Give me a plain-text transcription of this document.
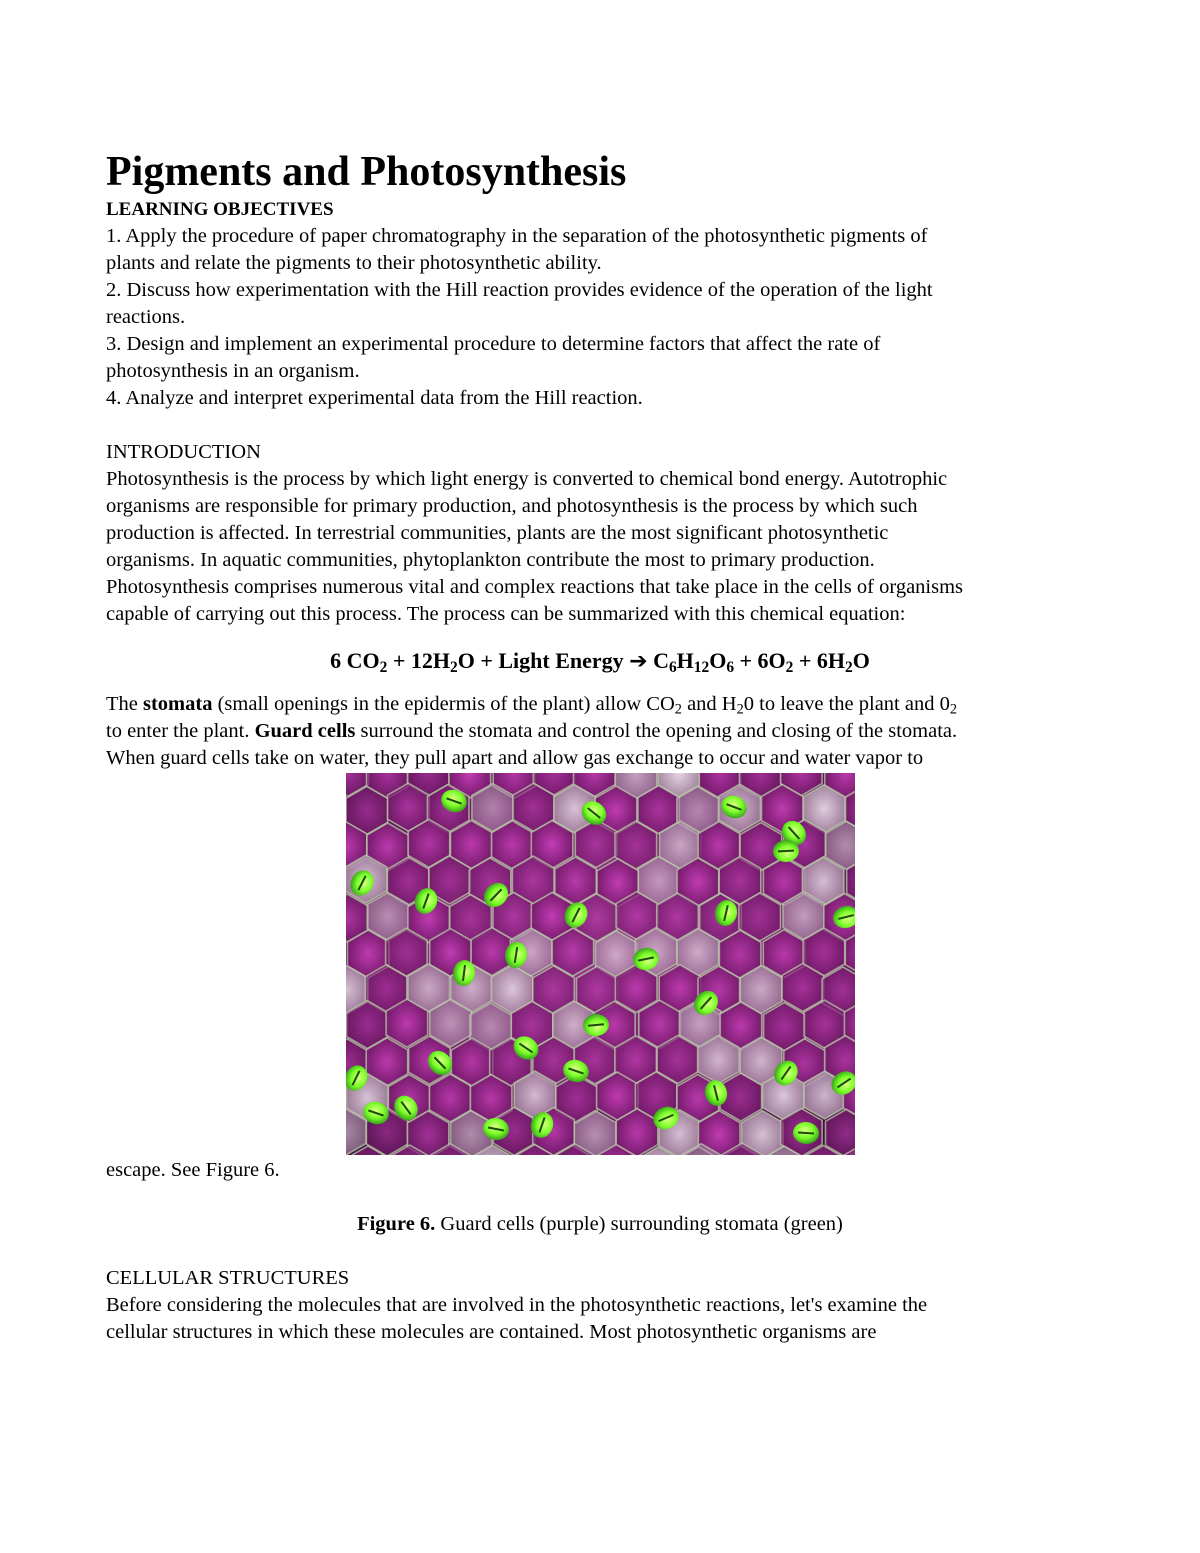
Pigments and Photosynthesis

LEARNING OBJECTIVES

1. Apply the procedure of paper chromatography in the separation of the photosynthetic pigments of

plants and relate the pigments to their photosynthetic ability.

2. Discuss how experimentation with the Hill reaction provides evidence of the operation of the light

reactions.

3. Design and implement an experimental procedure to determine factors that affect the rate of

photosynthesis in an organism.

4. Analyze and interpret experimental data from the Hill reaction.

INTRODUCTION

Photosynthesis is the process by which light energy is converted to chemical bond energy. Autotrophic

organisms are responsible for primary production, and photosynthesis is the process by which such

production is affected. In terrestrial communities, plants are the most significant photosynthetic

organisms. In aquatic communities, phytoplankton contribute the most to primary production.

Photosynthesis comprises numerous vital and complex reactions that take place in the cells of organisms

capable of carrying out this process. The process can be summarized with this chemical equation:

6 $CO_2 + 12H_2O$ + Light Energy ➔ $C_6H_{12}O_6 + 6O_2 + 6H_2O$

The stomata (small openings in the epidermis of the plant) allow $CO_2$ and $H_20$ to leave the plant and $0_2$

to enter the plant. Guard cells surround the stomata and control the opening and closing of the stomata.

When guard cells take on water, they pull apart and allow gas exchange to occur and water vapor to

escape. See Figure 6.

Figure 6. Guard cells (purple) surrounding stomata (green)

CELLULAR STRUCTURES

Before considering the molecules that are involved in the photosynthetic reactions, let's examine the

cellular structures in which these molecules are contained. Most photosynthetic organisms are
